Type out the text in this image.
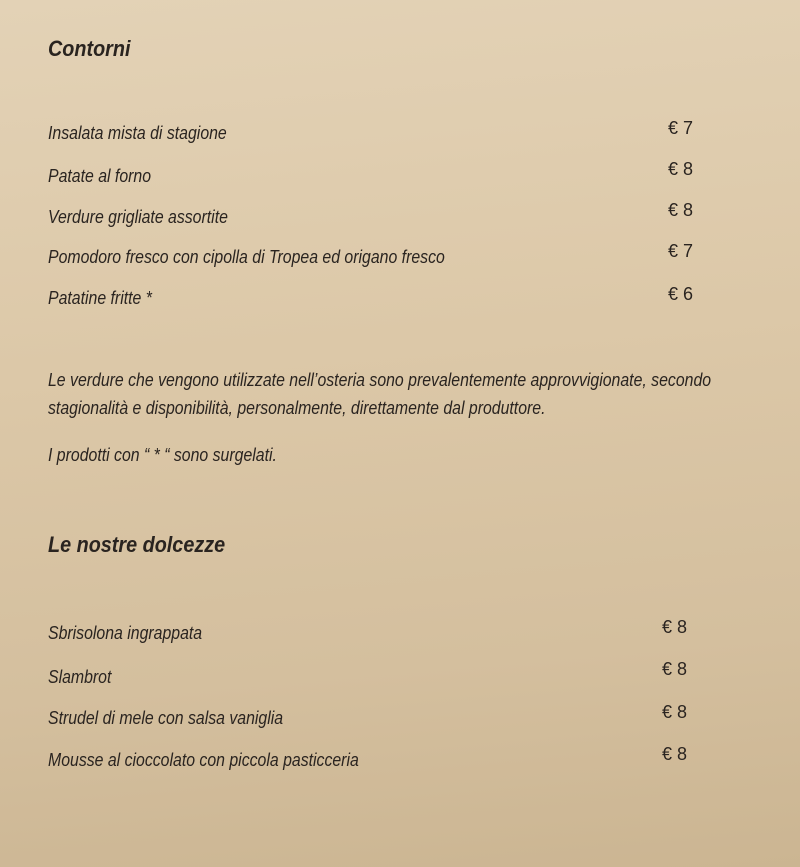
Contorni
Insalata mista di stagione	€ 7
Patate al forno	€ 8
Verdure grigliate assortite	€ 8
Pomodoro fresco con cipolla di Tropea ed origano fresco	€ 7
Patatine fritte *	€ 6
Le verdure che vengono utilizzate nell’osteria sono prevalentemente approvvigionate, secondo
stagionalità e disponibilità, personalmente, direttamente dal produttore.
I prodotti con “ * “ sono surgelati.
Le nostre dolcezze
Sbrisolona ingrappata	€ 8
Slambrot	€ 8
Strudel di mele con salsa vaniglia	€ 8
Mousse al cioccolato con piccola pasticceria	€ 8
